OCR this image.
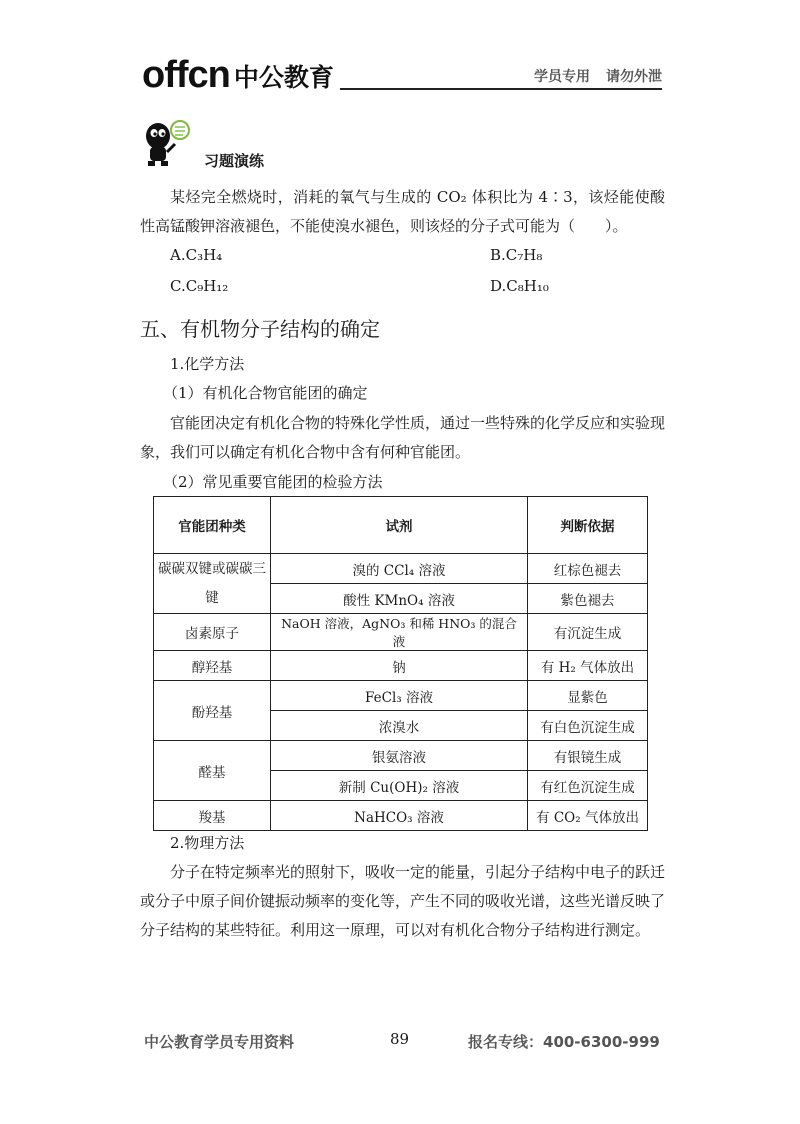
offcn 中公教育	学员专用 请勿外泄
习题演练

某烃完全燃烧时，消耗的氧气与生成的 CO₂ 体积比为 4∶3，该烃能使酸性高锰酸钾溶液褪色，不能使溴水褪色，则该烃的分子式可能为（　　）。

A.C₃H₄	B.C₇H₈
C.C₉H₁₂	D.C₈H₁₀
五、有机物分子结构的确定
1.化学方法
（1）有机化合物官能团的确定

官能团决定有机化合物的特殊化学性质，通过一些特殊的化学反应和实验现象，我们可以确定有机化合物中含有何种官能团。

（2）常见重要官能团的检验方法
官能团种类	试剂	判断依据
碳碳双键或碳碳三键	溴的 CCl₄ 溶液	红棕色褪去
	酸性 KMnO₄ 溶液	紫色褪去
卤素原子	NaOH 溶液，AgNO₃ 和稀 HNO₃ 的混合液	有沉淀生成
醇羟基	钠	有 H₂ 气体放出
酚羟基	FeCl₃ 溶液	显紫色
	浓溴水	有白色沉淀生成
醛基	银氨溶液	有银镜生成
	新制 Cu(OH)₂ 溶液	有红色沉淀生成
羧基	NaHCO₃ 溶液	有 CO₂ 气体放出
2.物理方法

分子在特定频率光的照射下，吸收一定的能量，引起分子结构中电子的跃迁或分子中原子间价键振动频率的变化等，产生不同的吸收光谱，这些光谱反映了分子结构的某些特征。利用这一原理，可以对有机化合物分子结构进行测定。

中公教育学员专用资料	89	报名专线：400-6300-999
